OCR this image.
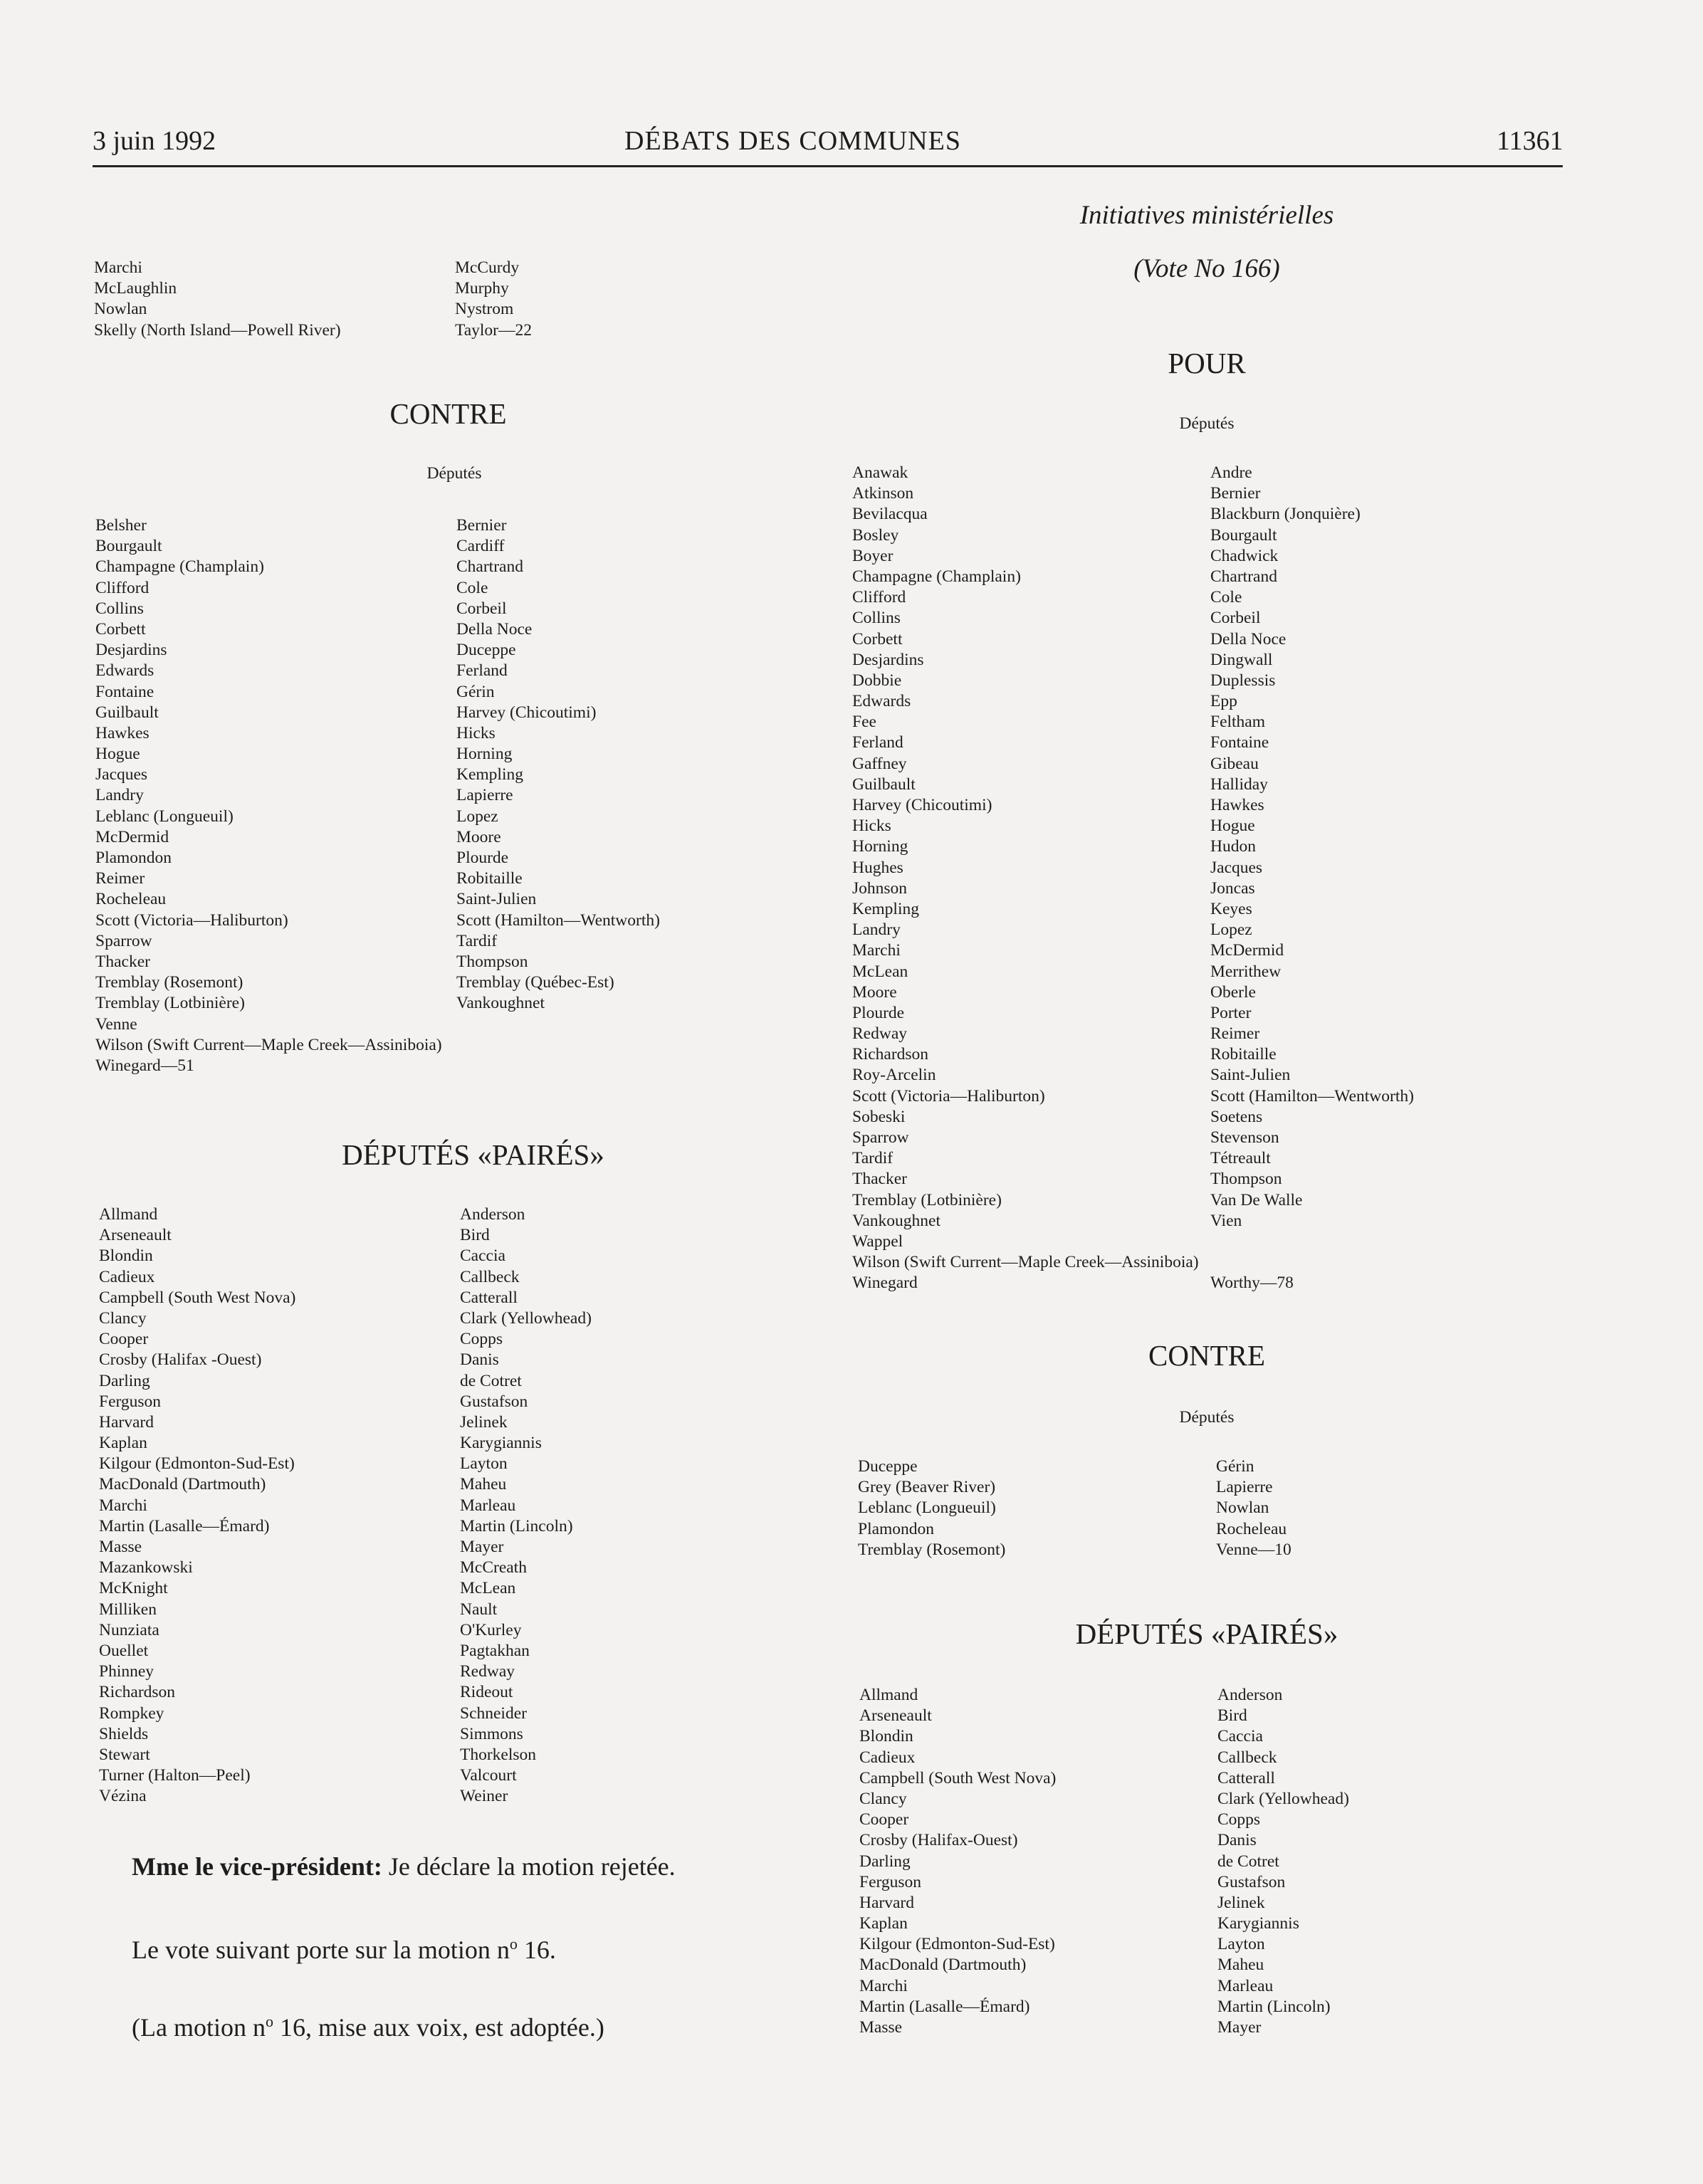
3 juin 1992	DÉBATS DES COMMUNES	11361
Marchi
McLaughlin
Nowlan
Skelly (North Island—Powell River)
McCurdy
Murphy
Nystrom
Taylor—22
CONTRE
Députés
Belsher
Bourgault
Champagne (Champlain)
Clifford
Collins
Corbett
Desjardins
Edwards
Fontaine
Guilbault
Hawkes
Hogue
Jacques
Landry
Leblanc (Longueuil)
McDermid
Plamondon
Reimer
Rocheleau
Scott (Victoria—Haliburton)
Sparrow
Thacker
Tremblay (Rosemont)
Tremblay (Lotbinière)
Venne
Wilson (Swift Current—Maple Creek—Assiniboia)
Winegard—51
Bernier
Cardiff
Chartrand
Cole
Corbeil
Della Noce
Duceppe
Ferland
Gérin
Harvey (Chicoutimi)
Hicks
Horning
Kempling
Lapierre
Lopez
Moore
Plourde
Robitaille
Saint-Julien
Scott (Hamilton—Wentworth)
Tardif
Thompson
Tremblay (Québec-Est)
Vankoughnet
DÉPUTÉS «PAIRÉS»
Allmand
Arseneault
Blondin
Cadieux
Campbell (South West Nova)
Clancy
Cooper
Crosby (Halifax -Ouest)
Darling
Ferguson
Harvard
Kaplan
Kilgour (Edmonton-Sud-Est)
MacDonald (Dartmouth)
Marchi
Martin (Lasalle—Émard)
Masse
Mazankowski
McKnight
Milliken
Nunziata
Ouellet
Phinney
Richardson
Rompkey
Shields
Stewart
Turner (Halton—Peel)
Vézina
Anderson
Bird
Caccia
Callbeck
Catterall
Clark (Yellowhead)
Copps
Danis
de Cotret
Gustafson
Jelinek
Karygiannis
Layton
Maheu
Marleau
Martin (Lincoln)
Mayer
McCreath
McLean
Nault
O'Kurley
Pagtakhan
Redway
Rideout
Schneider
Simmons
Thorkelson
Valcourt
Weiner
Mme le vice-président: Je déclare la motion rejetée.
Le vote suivant porte sur la motion $n^o$ 16.
(La motion $n^o$ 16, mise aux voix, est adoptée.)
Initiatives ministérielles
(Vote No 166)
POUR
Députés
Anawak
Atkinson
Bevilacqua
Bosley
Boyer
Champagne (Champlain)
Clifford
Collins
Corbett
Desjardins
Dobbie
Edwards
Fee
Ferland
Gaffney
Guilbault
Harvey (Chicoutimi)
Hicks
Horning
Hughes
Johnson
Kempling
Landry
Marchi
McLean
Moore
Plourde
Redway
Richardson
Roy-Arcelin
Scott (Victoria—Haliburton)
Sobeski
Sparrow
Tardif
Thacker
Tremblay (Lotbinière)
Vankoughnet
Wappel
Wilson (Swift Current—Maple Creek—Assiniboia)
Winegard
Andre
Bernier
Blackburn (Jonquière)
Bourgault
Chadwick
Chartrand
Cole
Corbeil
Della Noce
Dingwall
Duplessis
Epp
Feltham
Fontaine
Gibeau
Halliday
Hawkes
Hogue
Hudon
Jacques
Joncas
Keyes
Lopez
McDermid
Merrithew
Oberle
Porter
Reimer
Robitaille
Saint-Julien
Scott (Hamilton—Wentworth)
Soetens
Stevenson
Tétreault
Thompson
Van De Walle
Vien
Worthy—78
CONTRE
Députés
Duceppe
Grey (Beaver River)
Leblanc (Longueuil)
Plamondon
Tremblay (Rosemont)
Gérin
Lapierre
Nowlan
Rocheleau
Venne—10
DÉPUTÉS «PAIRÉS»
Allmand
Arseneault
Blondin
Cadieux
Campbell (South West Nova)
Clancy
Cooper
Crosby (Halifax-Ouest)
Darling
Ferguson
Harvard
Kaplan
Kilgour (Edmonton-Sud-Est)
MacDonald (Dartmouth)
Marchi
Martin (Lasalle—Émard)
Masse
Anderson
Bird
Caccia
Callbeck
Catterall
Clark (Yellowhead)
Copps
Danis
de Cotret
Gustafson
Jelinek
Karygiannis
Layton
Maheu
Marleau
Martin (Lincoln)
Mayer
